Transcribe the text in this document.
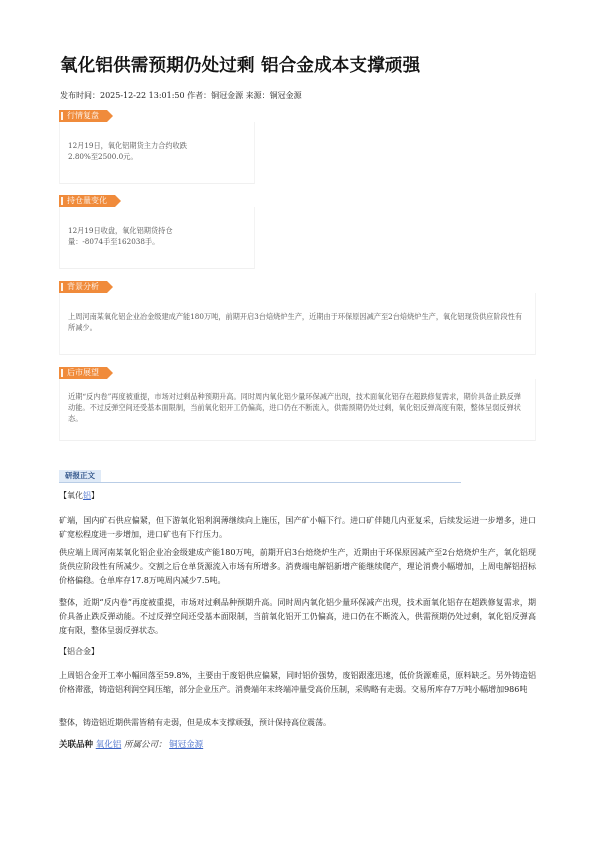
氧化铝供需预期仍处过剩 铝合金成本支撑顽强
发布时间：2025-12-22 13:01:50 作者：铜冠金源 来源：铜冠金源
行情复盘
12月19日，氧化铝期货主力合约收跌2.80%至2500.0元。
持仓量变化
12月19日收盘，氧化铝期货持仓量：-8074手至162038手。
背景分析
上周河南某氧化铝企业冶金级建成产能180万吨，前期开启3台焙烧炉生产，近期由于环保原因减产至2台焙烧炉生产，氧化铝现货供应阶段性有所减少。
后市展望
近期“反内卷”再度被重提，市场对过剩品种预期升高。同时周内氧化铝少量环保减产出现，技术面氧化铝存在超跌修复需求，期价具备止跌反弹动能。不过反弹空间还受基本面限制，当前氧化铝开工仍偏高，进口仍在不断流入，供需预期仍处过剩，氧化铝反弹高度有限，整体呈弱反弹状态。
研报正文
【氧化铝】
矿端，国内矿石供应偏紧，但下游氧化铝利润薄继续向上施压，国产矿小幅下行。进口矿伴随几内亚复采，后续发运进一步增多，进口矿宽松程度进一步增加，进口矿也有下行压力。
供应端上周河南某氧化铝企业冶金级建成产能180万吨，前期开启3台焙烧炉生产，近期由于环保原因减产至2台焙烧炉生产，氧化铝现货供应阶段性有所减少。交割之后仓单货源流入市场有所增多。消费端电解铝新增产能继续爬产，理论消费小幅增加，上周电解铝招标价格偏稳。仓单库存17.8万吨周内减少7.5吨。
整体，近期“反内卷”再度被重提，市场对过剩品种预期升高。同时周内氧化铝少量环保减产出现，技术面氧化铝存在超跌修复需求，期价具备止跌反弹动能。不过反弹空间还受基本面限制，当前氧化铝开工仍偏高，进口仍在不断流入，供需预期仍处过剩，氧化铝反弹高度有限，整体呈弱反弹状态。
【铝合金】
上周铝合金开工率小幅回落至59.8%，主要由于废铝供应偏紧，同时铝价强势，废铝跟涨迅速，低价货源难觅，原料缺乏。另外铸造铝价格滞涨，铸造铝利润空间压缩，部分企业压产。消费端年末终端冲量受高价压制，采购略有走弱。交易所库存7万吨小幅增加986吨
整体，铸造铝近期供需皆稍有走弱，但是成本支撑顽强，预计保持高位震荡。
关联品种 氧化铝 所属公司： 铜冠金源
